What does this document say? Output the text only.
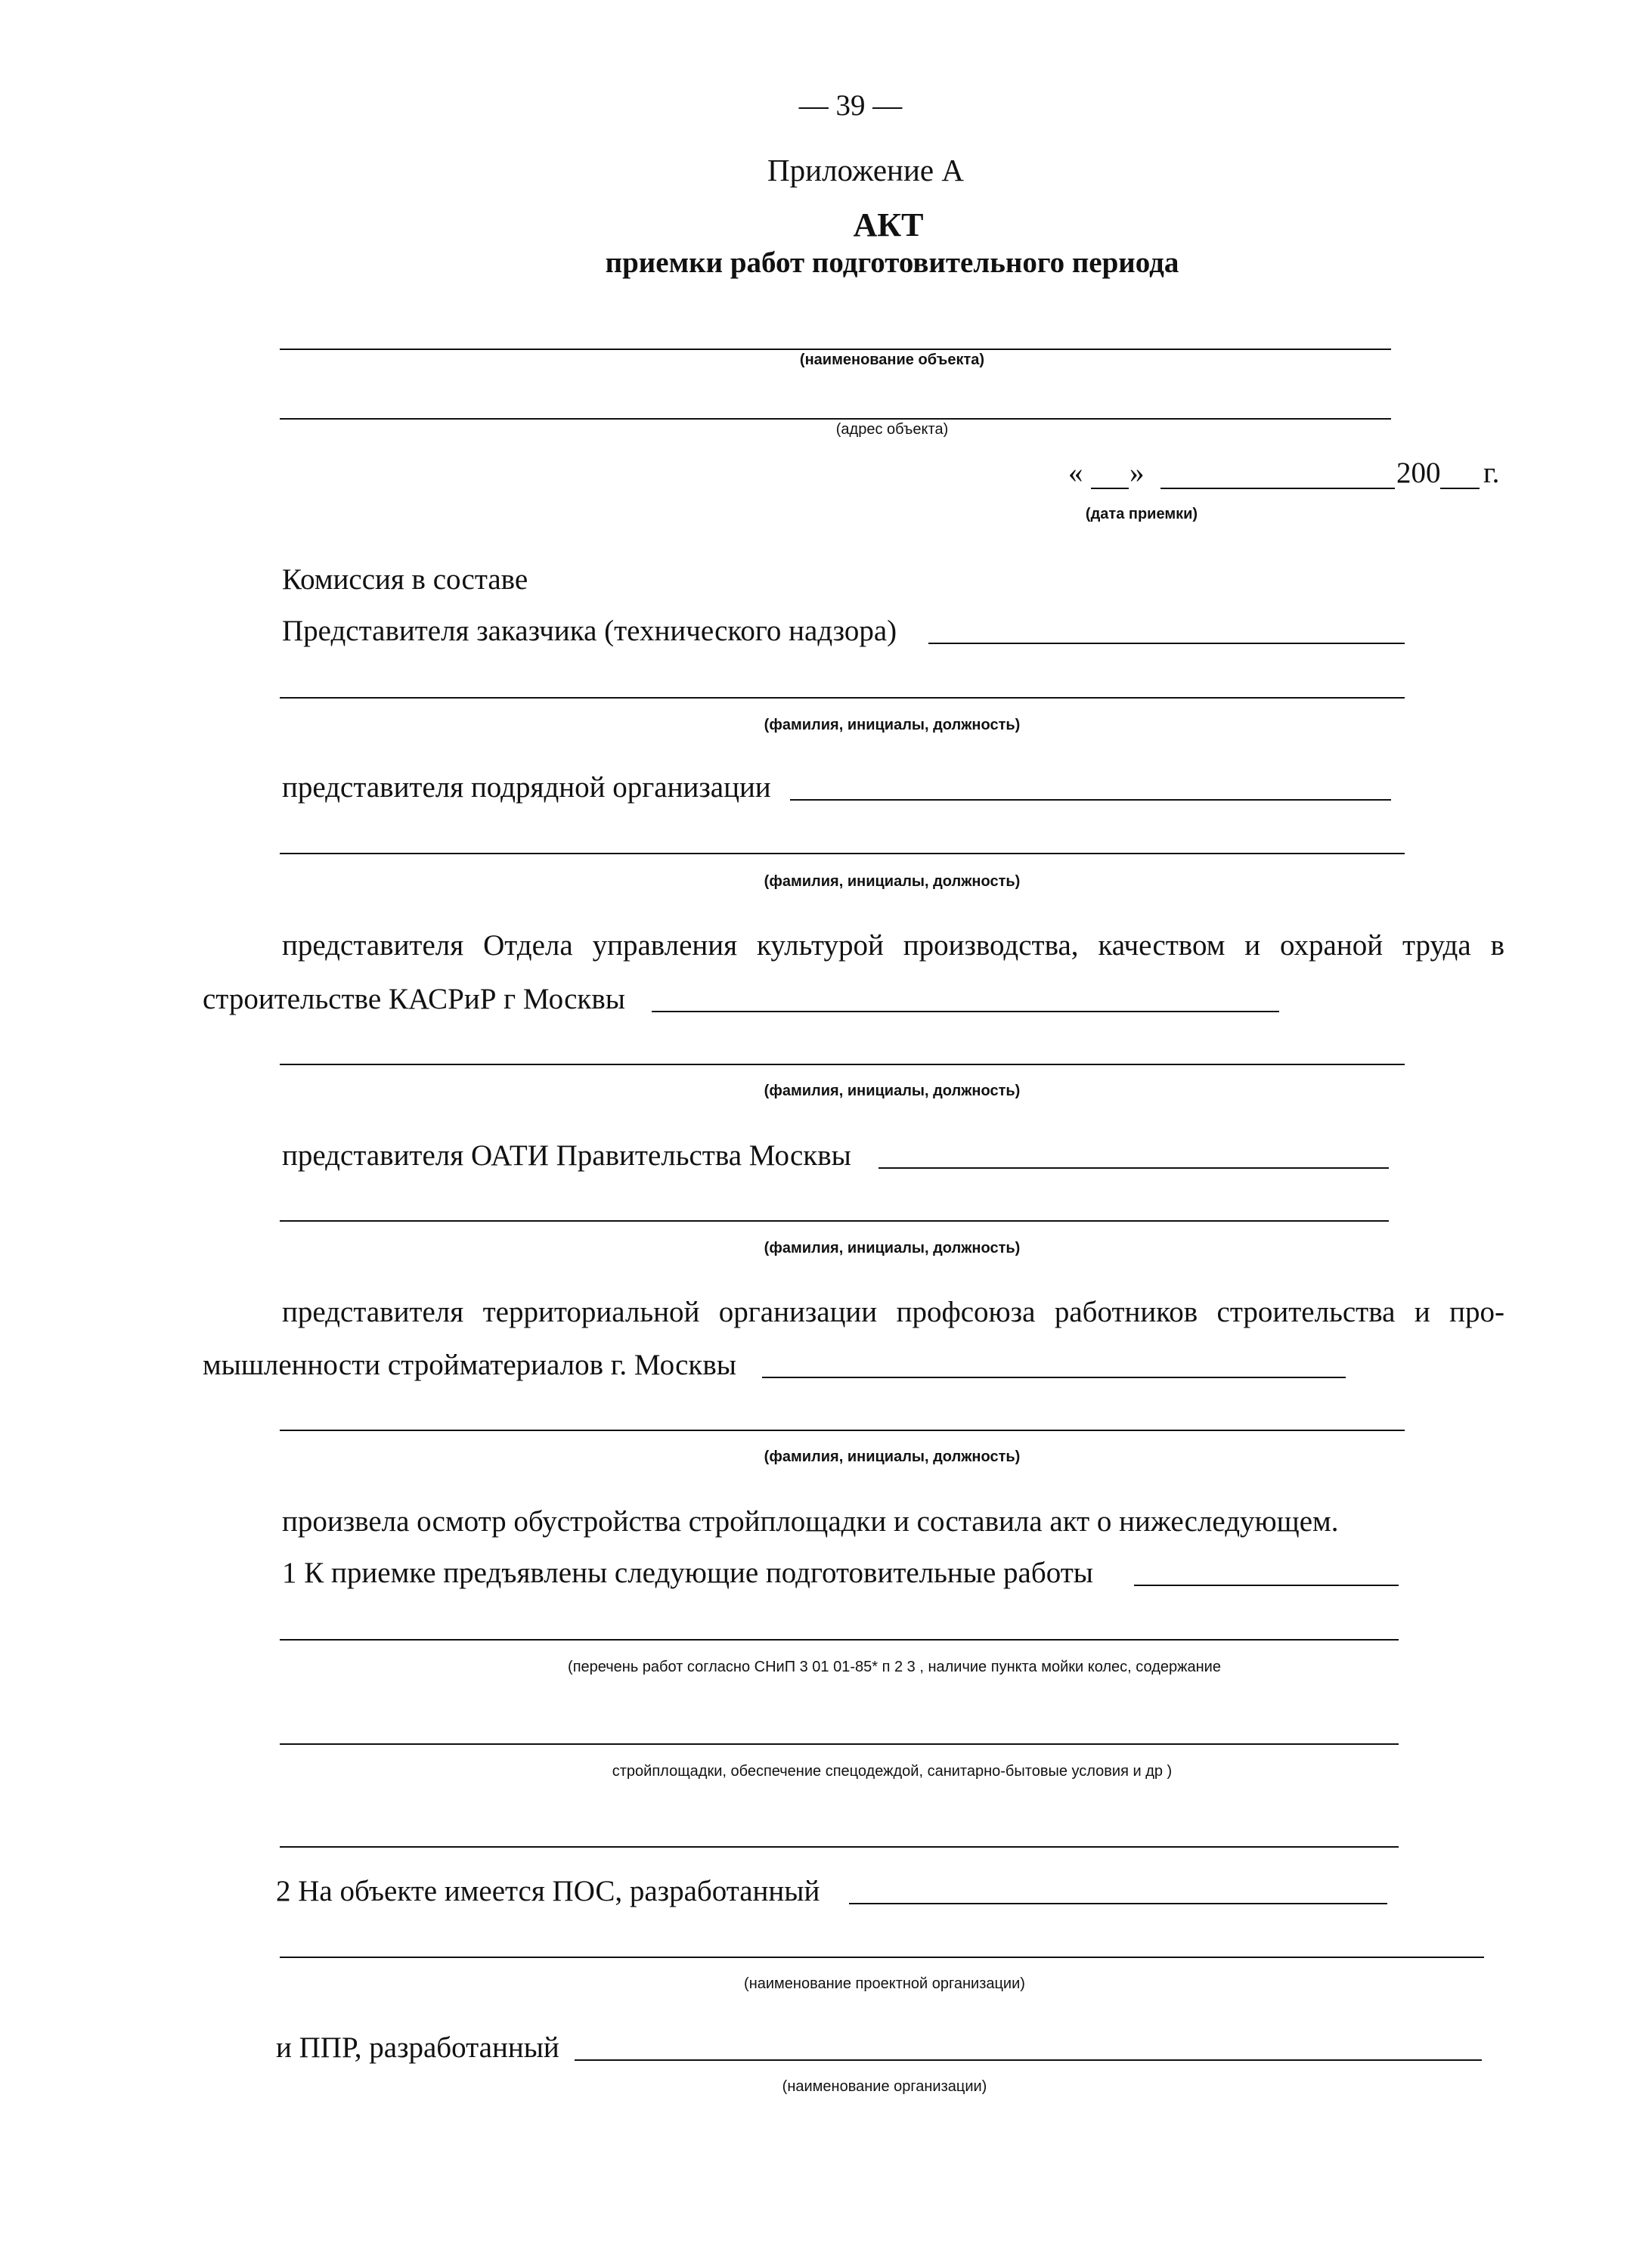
— 39 —
Приложение А
АКТ
приемки работ подготовительного периода
(наименование объекта)
(адрес объекта)
« »	200 г.
(дата приемки)
Комиссия в составе
Представителя заказчика (технического надзора)
(фамилия, инициалы, должность)
представителя подрядной организации
(фамилия, инициалы, должность)
представителя Отдела управления культурой производства, качеством и охраной труда в
строительстве КАСРиР г Москвы
(фамилия, инициалы, должность)
представителя ОАТИ Правительства Москвы
(фамилия, инициалы, должность)
представителя территориальной организации профсоюза работников строительства и про-
мышленности стройматериалов г. Москвы
(фамилия, инициалы, должность)
произвела осмотр обустройства стройплощадки и составила акт о нижеследующем.
1 К приемке предъявлены следующие подготовительные работы
(перечень работ согласно СНиП 3 01 01-85* п 2 3 , наличие пункта мойки колес, содержание
стройплощадки, обеспечение спецодеждой, санитарно-бытовые условия и др )
2 На объекте имеется ПОС, разработанный
(наименование проектной организации)
и ППР, разработанный
(наименование организации)
